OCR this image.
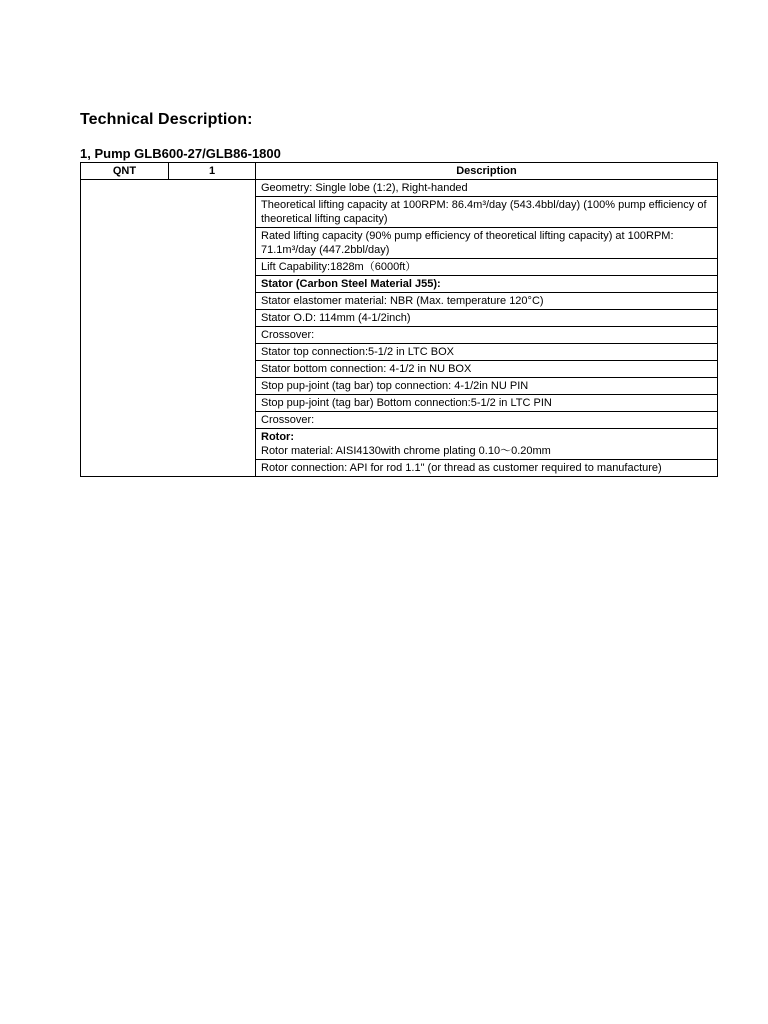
Technical Description:
1, Pump GLB600-27/GLB86-1800
QNT	1	Description
		Geometry: Single lobe (1:2), Right-handed
		Theoretical lifting capacity at 100RPM: 86.4m³/day (543.4bbl/day) (100% pump efficiency of theoretical lifting capacity)
		Rated lifting capacity (90% pump efficiency of theoretical lifting capacity) at 100RPM: 71.1m³/day (447.2bbl/day)
		Lift Capability:1828m（6000ft）
		Stator (Carbon Steel Material J55):
		Stator elastomer material: NBR (Max. temperature 120°C)
		Stator O.D: 114mm (4-1/2inch)
		Crossover:
		Stator top connection:5-1/2 in LTC BOX
		Stator bottom connection: 4-1/2 in NU BOX
		Stop pup-joint (tag bar) top connection: 4-1/2in NU PIN
		Stop pup-joint (tag bar) Bottom connection:5-1/2 in LTC PIN
		Crossover:
		Rotor:
		Rotor material: AISI4130with chrome plating 0.10～0.20mm
		Rotor connection: API for rod 1.1" (or thread as customer required to manufacture)
